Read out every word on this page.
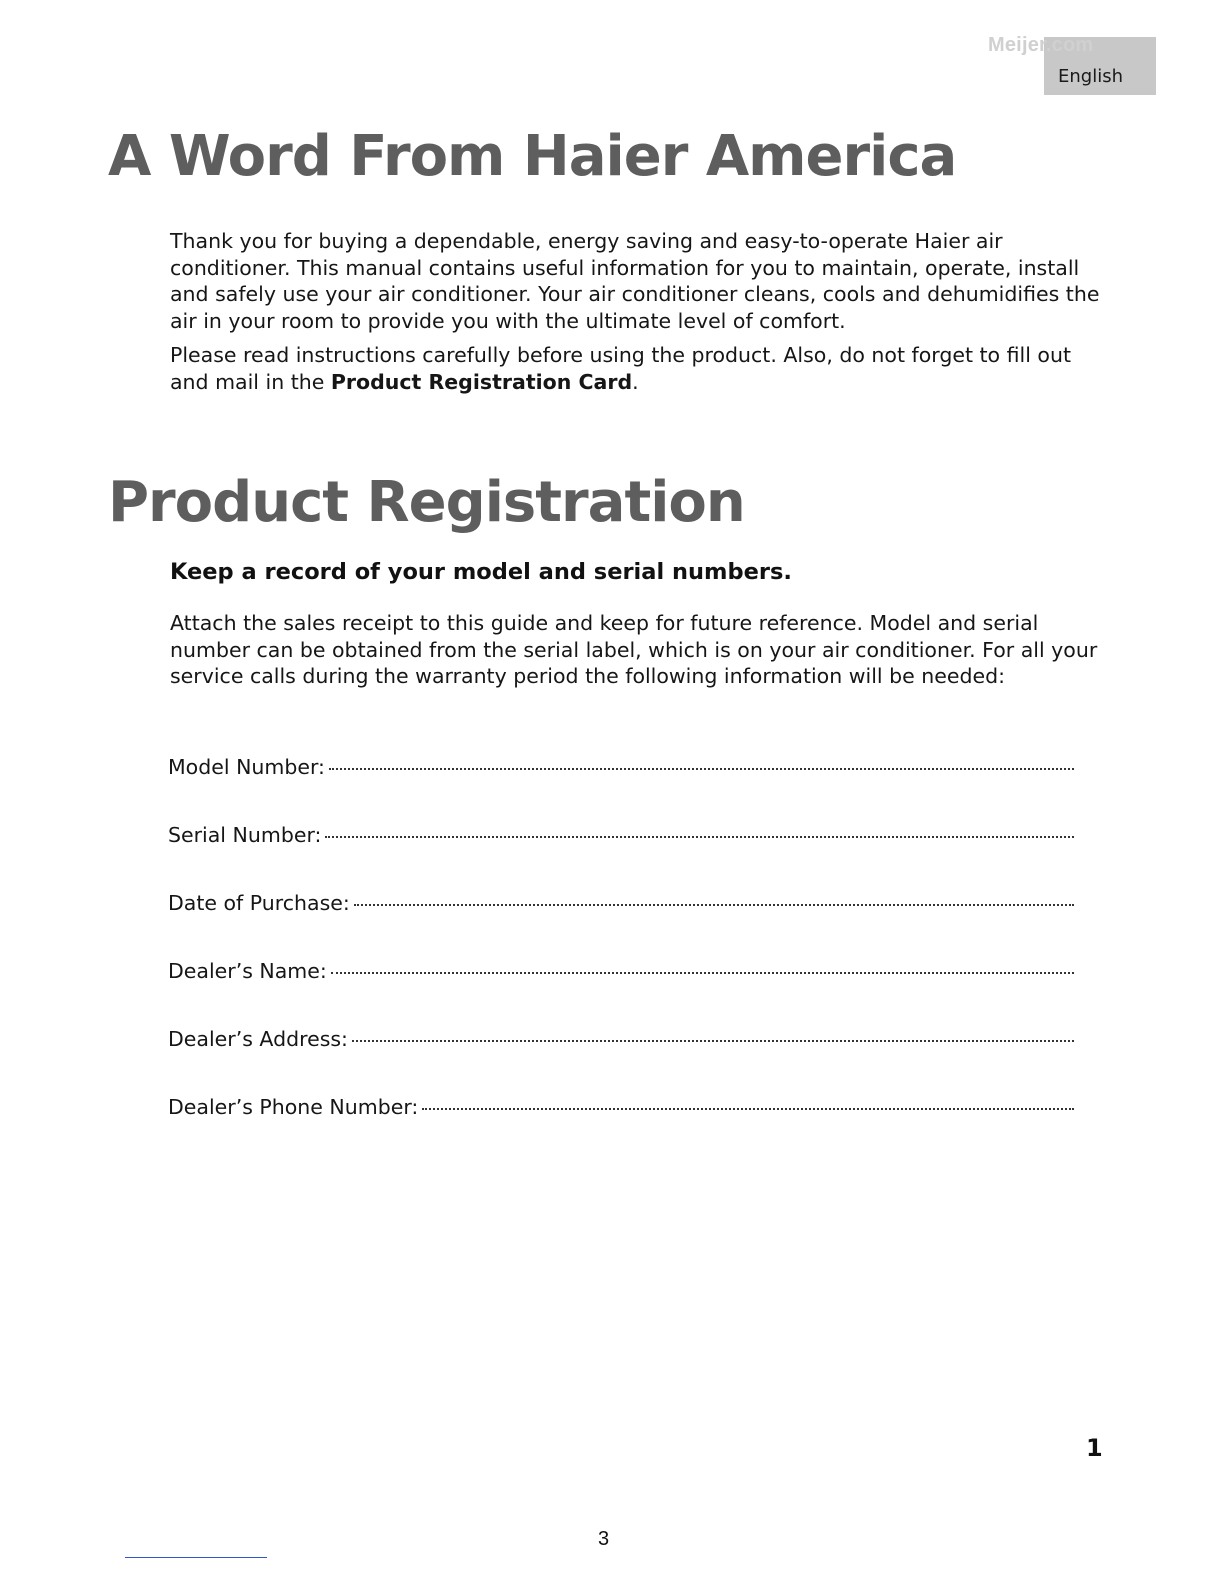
English
Meijer.com
A Word From Haier America

Thank you for buying a dependable, energy saving and easy-to-operate Haier air conditioner. This manual contains useful information for you to maintain, operate, install and safely use your air conditioner. Your air conditioner cleans, cools and dehumidifies the air in your room to provide you with the ultimate level of comfort.

Please read instructions carefully before using the product. Also, do not forget to fill out and mail in the Product Registration Card.

Product Registration

Keep a record of your model and serial numbers.

Attach the sales receipt to this guide and keep for future reference. Model and serial number can be obtained from the serial label, which is on your air conditioner. For all your service calls during the warranty period the following information will be needed:

Model Number:
Serial Number:
Date of Purchase:
Dealer’s Name:
Dealer’s Address:
Dealer’s Phone Number:
1
3
